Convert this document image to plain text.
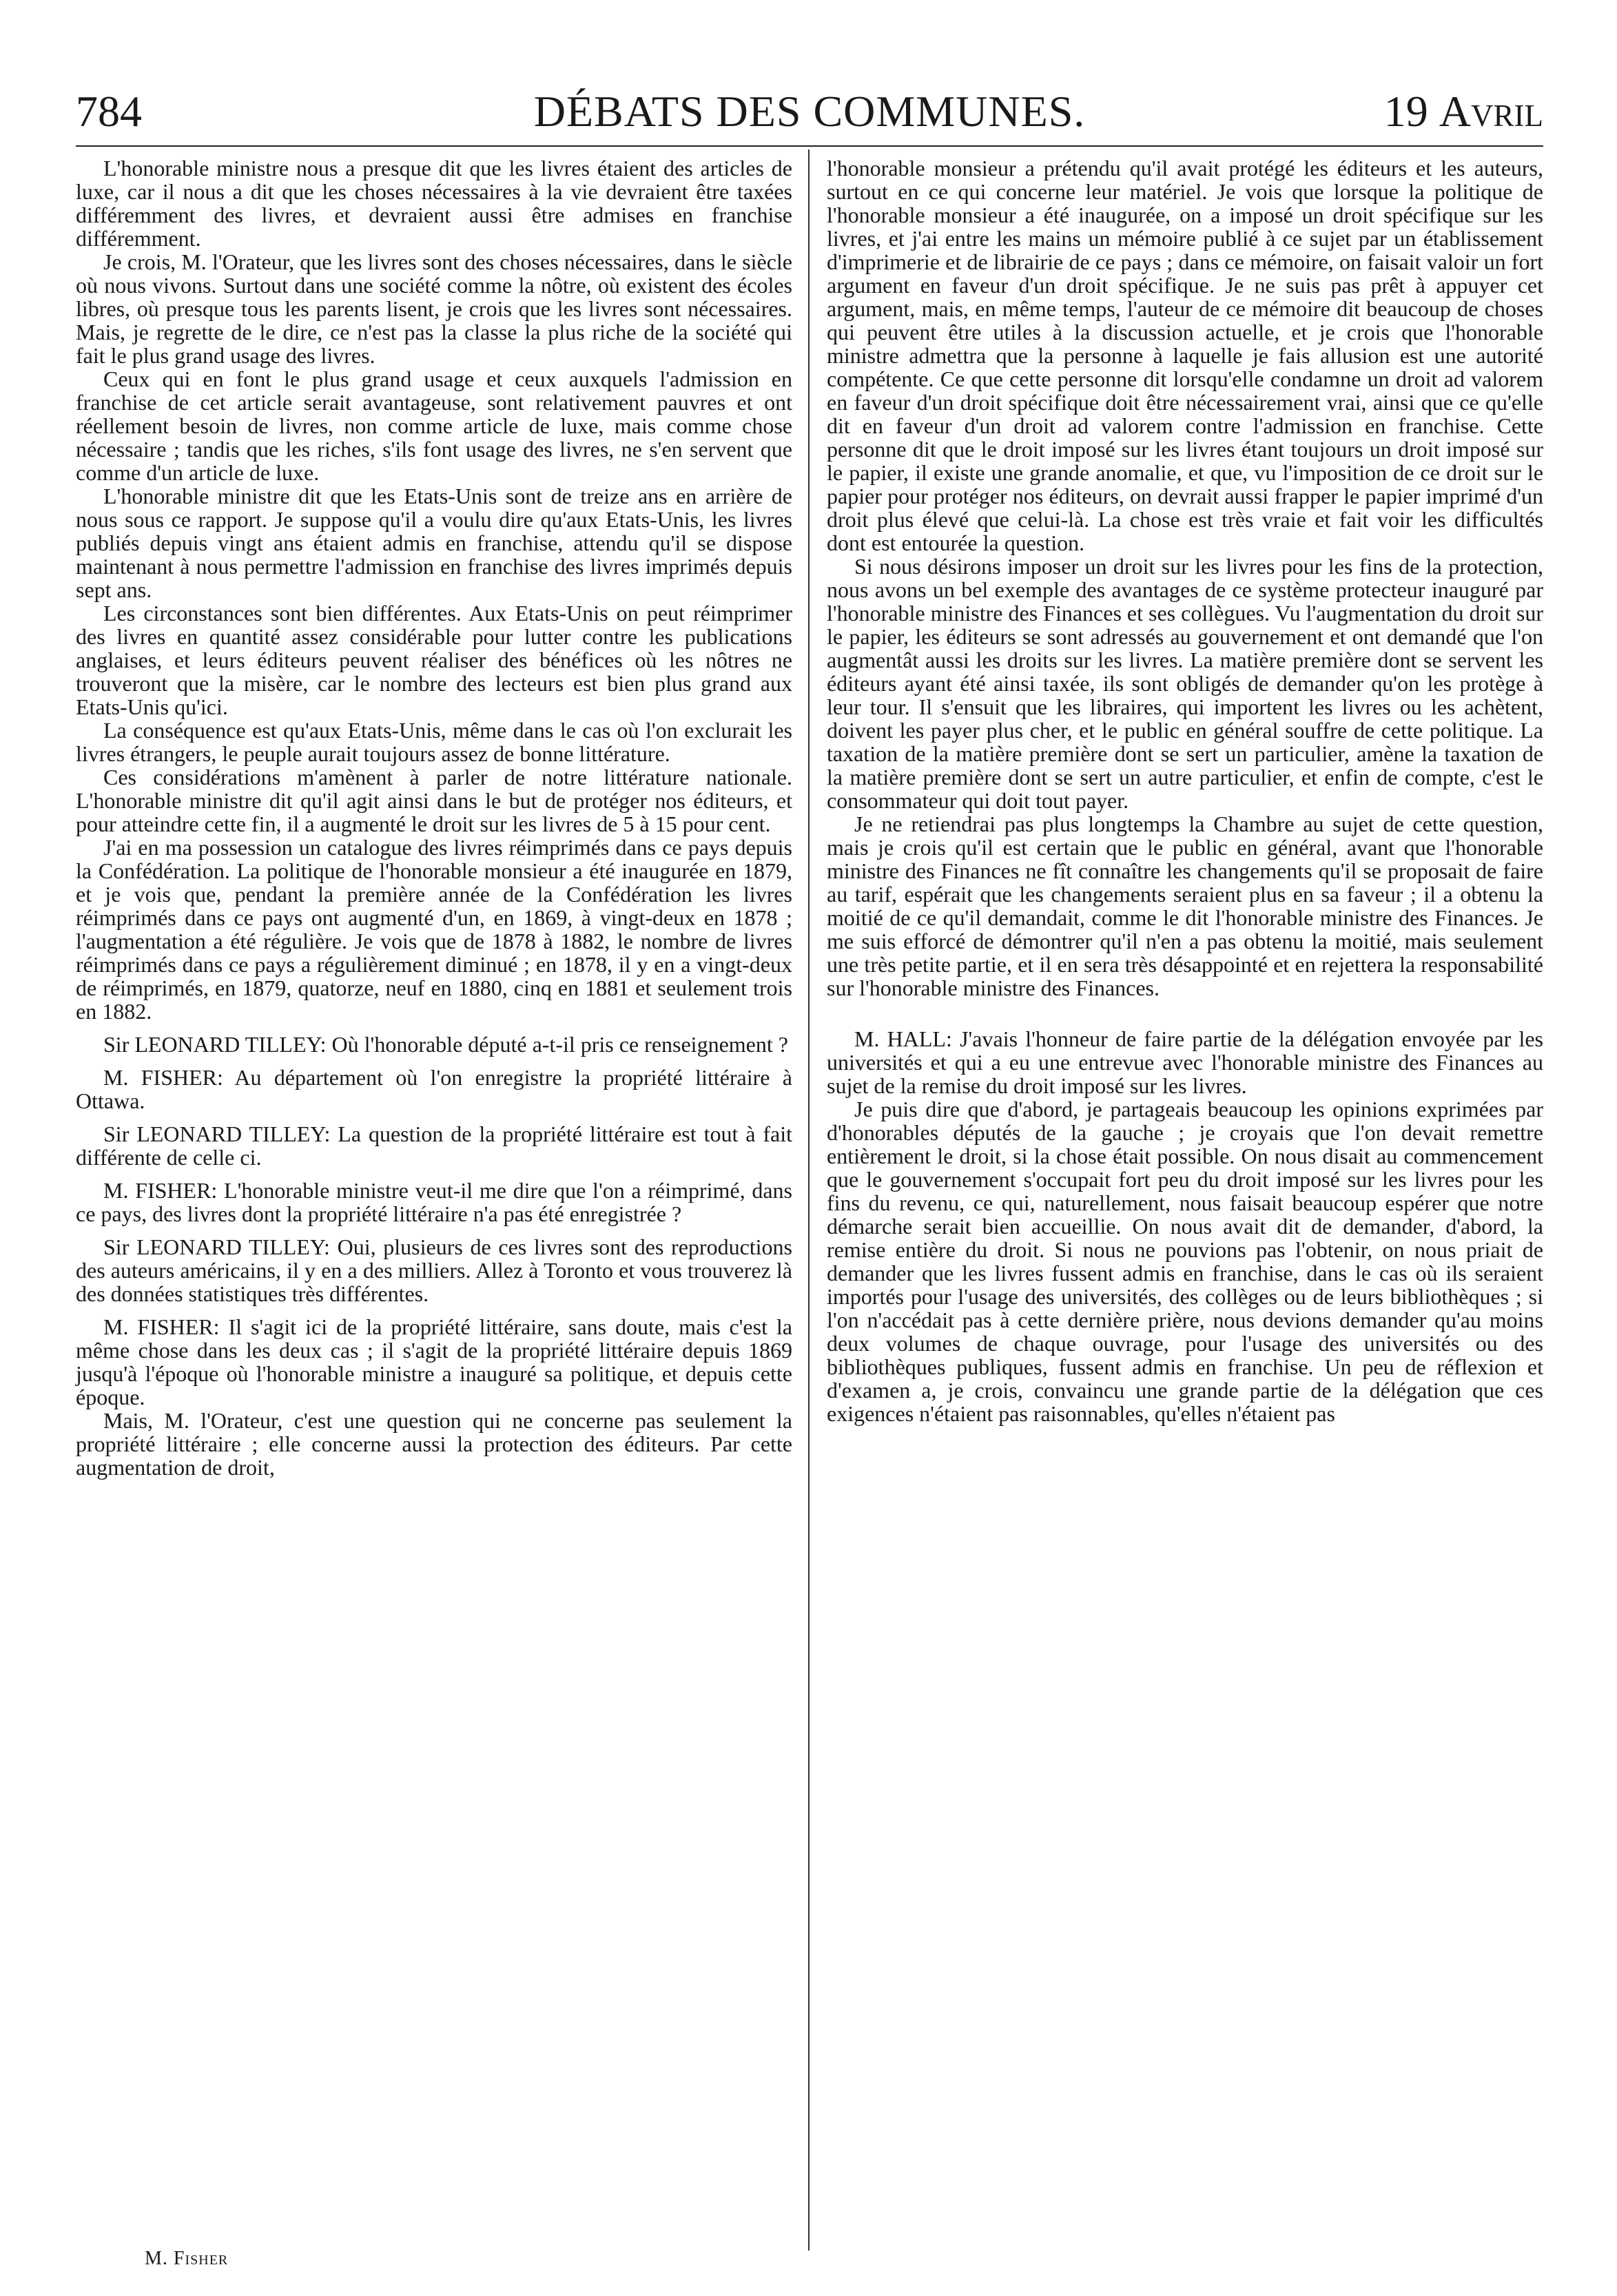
DÉBATS DES COMMUNES.
784	19 Avril

L'honorable ministre nous a presque dit que les livres étaient des articles de luxe, car il nous a dit que les choses nécessaires à la vie devraient être taxées différemment des livres, et devraient aussi être admises en franchise différemment.

Je crois, M. l'Orateur, que les livres sont des choses nécessaires, dans le siècle où nous vivons. Surtout dans une société comme la nôtre, où existent des écoles libres, où presque tous les parents lisent, je crois que les livres sont nécessaires. Mais, je regrette de le dire, ce n'est pas la classe la plus riche de la société qui fait le plus grand usage des livres.

Ceux qui en font le plus grand usage et ceux auxquels l'admission en franchise de cet article serait avantageuse, sont relativement pauvres et ont réellement besoin de livres, non comme article de luxe, mais comme chose nécessaire ; tandis que les riches, s'ils font usage des livres, ne s'en servent que comme d'un article de luxe.

L'honorable ministre dit que les Etats-Unis sont de treize ans en arrière de nous sous ce rapport. Je suppose qu'il a voulu dire qu'aux Etats-Unis, les livres publiés depuis vingt ans étaient admis en franchise, attendu qu'il se dispose maintenant à nous permettre l'admission en franchise des livres imprimés depuis sept ans.

Les circonstances sont bien différentes. Aux Etats-Unis on peut réimprimer des livres en quantité assez considérable pour lutter contre les publications anglaises, et leurs éditeurs peuvent réaliser des bénéfices où les nôtres ne trouveront que la misère, car le nombre des lecteurs est bien plus grand aux Etats-Unis qu'ici.

La conséquence est qu'aux Etats-Unis, même dans le cas où l'on exclurait les livres étrangers, le peuple aurait toujours assez de bonne littérature.

Ces considérations m'amènent à parler de notre littérature nationale. L'honorable ministre dit qu'il agit ainsi dans le but de protéger nos éditeurs, et pour atteindre cette fin, il a augmenté le droit sur les livres de 5 à 15 pour cent.

J'ai en ma possession un catalogue des livres réimprimés dans ce pays depuis la Confédération. La politique de l'honorable monsieur a été inaugurée en 1879, et je vois que, pendant la première année de la Confédération les livres réimprimés dans ce pays ont augmenté d'un, en 1869, à vingt-deux en 1878 ; l'augmentation a été régulière. Je vois que de 1878 à 1882, le nombre de livres réimprimés dans ce pays a régulièrement diminué ; en 1878, il y en a vingt-deux de réimprimés, en 1879, quatorze, neuf en 1880, cinq en 1881 et seulement trois en 1882.

Sir LEONARD TILLEY: Où l'honorable député a-t-il pris ce renseignement ?

M. FISHER: Au département où l'on enregistre la propriété littéraire à Ottawa.

Sir LEONARD TILLEY: La question de la propriété littéraire est tout à fait différente de celle ci.

M. FISHER: L'honorable ministre veut-il me dire que l'on a réimprimé, dans ce pays, des livres dont la propriété littéraire n'a pas été enregistrée ?

Sir LEONARD TILLEY: Oui, plusieurs de ces livres sont des reproductions des auteurs américains, il y en a des milliers. Allez à Toronto et vous trouverez là des données statistiques très différentes.

M. FISHER: Il s'agit ici de la propriété littéraire, sans doute, mais c'est la même chose dans les deux cas ; il s'agit de la propriété littéraire depuis 1869 jusqu'à l'époque où l'honorable ministre a inauguré sa politique, et depuis cette époque.

Mais, M. l'Orateur, c'est une question qui ne concerne pas seulement la propriété littéraire ; elle concerne aussi la protection des éditeurs. Par cette augmentation de droit,

l'honorable monsieur a prétendu qu'il avait protégé les éditeurs et les auteurs, surtout en ce qui concerne leur matériel. Je vois que lorsque la politique de l'honorable monsieur a été inaugurée, on a imposé un droit spécifique sur les livres, et j'ai entre les mains un mémoire publié à ce sujet par un établissement d'imprimerie et de librairie de ce pays ; dans ce mémoire, on faisait valoir un fort argument en faveur d'un droit spécifique. Je ne suis pas prêt à appuyer cet argument, mais, en même temps, l'auteur de ce mémoire dit beaucoup de choses qui peuvent être utiles à la discussion actuelle, et je crois que l'honorable ministre admettra que la personne à laquelle je fais allusion est une autorité compétente. Ce que cette personne dit lorsqu'elle condamne un droit ad valorem en faveur d'un droit spécifique doit être nécessairement vrai, ainsi que ce qu'elle dit en faveur d'un droit ad valorem contre l'admission en franchise. Cette personne dit que le droit imposé sur les livres étant toujours un droit imposé sur le papier, il existe une grande anomalie, et que, vu l'imposition de ce droit sur le papier pour protéger nos éditeurs, on devrait aussi frapper le papier imprimé d'un droit plus élevé que celui-là. La chose est très vraie et fait voir les difficultés dont est entourée la question.

Si nous désirons imposer un droit sur les livres pour les fins de la protection, nous avons un bel exemple des avantages de ce système protecteur inauguré par l'honorable ministre des Finances et ses collègues. Vu l'augmentation du droit sur le papier, les éditeurs se sont adressés au gouvernement et ont demandé que l'on augmentât aussi les droits sur les livres. La matière première dont se servent les éditeurs ayant été ainsi taxée, ils sont obligés de demander qu'on les protège à leur tour. Il s'ensuit que les libraires, qui importent les livres ou les achètent, doivent les payer plus cher, et le public en général souffre de cette politique. La taxation de la matière première dont se sert un particulier, amène la taxation de la matière première dont se sert un autre particulier, et enfin de compte, c'est le consommateur qui doit tout payer.

Je ne retiendrai pas plus longtemps la Chambre au sujet de cette question, mais je crois qu'il est certain que le public en général, avant que l'honorable ministre des Finances ne fît connaître les changements qu'il se proposait de faire au tarif, espérait que les changements seraient plus en sa faveur ; il a obtenu la moitié de ce qu'il demandait, comme le dit l'honorable ministre des Finances. Je me suis efforcé de démontrer qu'il n'en a pas obtenu la moitié, mais seulement une très petite partie, et il en sera très désappointé et en rejettera la responsabilité sur l'honorable ministre des Finances.

M. HALL: J'avais l'honneur de faire partie de la délégation envoyée par les universités et qui a eu une entrevue avec l'honorable ministre des Finances au sujet de la remise du droit imposé sur les livres.

Je puis dire que d'abord, je partageais beaucoup les opinions exprimées par d'honorables députés de la gauche ; je croyais que l'on devait remettre entièrement le droit, si la chose était possible. On nous disait au commencement que le gouvernement s'occupait fort peu du droit imposé sur les livres pour les fins du revenu, ce qui, naturellement, nous faisait beaucoup espérer que notre démarche serait bien accueillie. On nous avait dit de demander, d'abord, la remise entière du droit. Si nous ne pouvions pas l'obtenir, on nous priait de demander que les livres fussent admis en franchise, dans le cas où ils seraient importés pour l'usage des universités, des collèges ou de leurs bibliothèques ; si l'on n'accédait pas à cette dernière prière, nous devions demander qu'au moins deux volumes de chaque ouvrage, pour l'usage des universités ou des bibliothèques publiques, fussent admis en franchise. Un peu de réflexion et d'examen a, je crois, convaincu une grande partie de la délégation que ces exigences n'étaient pas raisonnables, qu'elles n'étaient pas

M. Fisher
